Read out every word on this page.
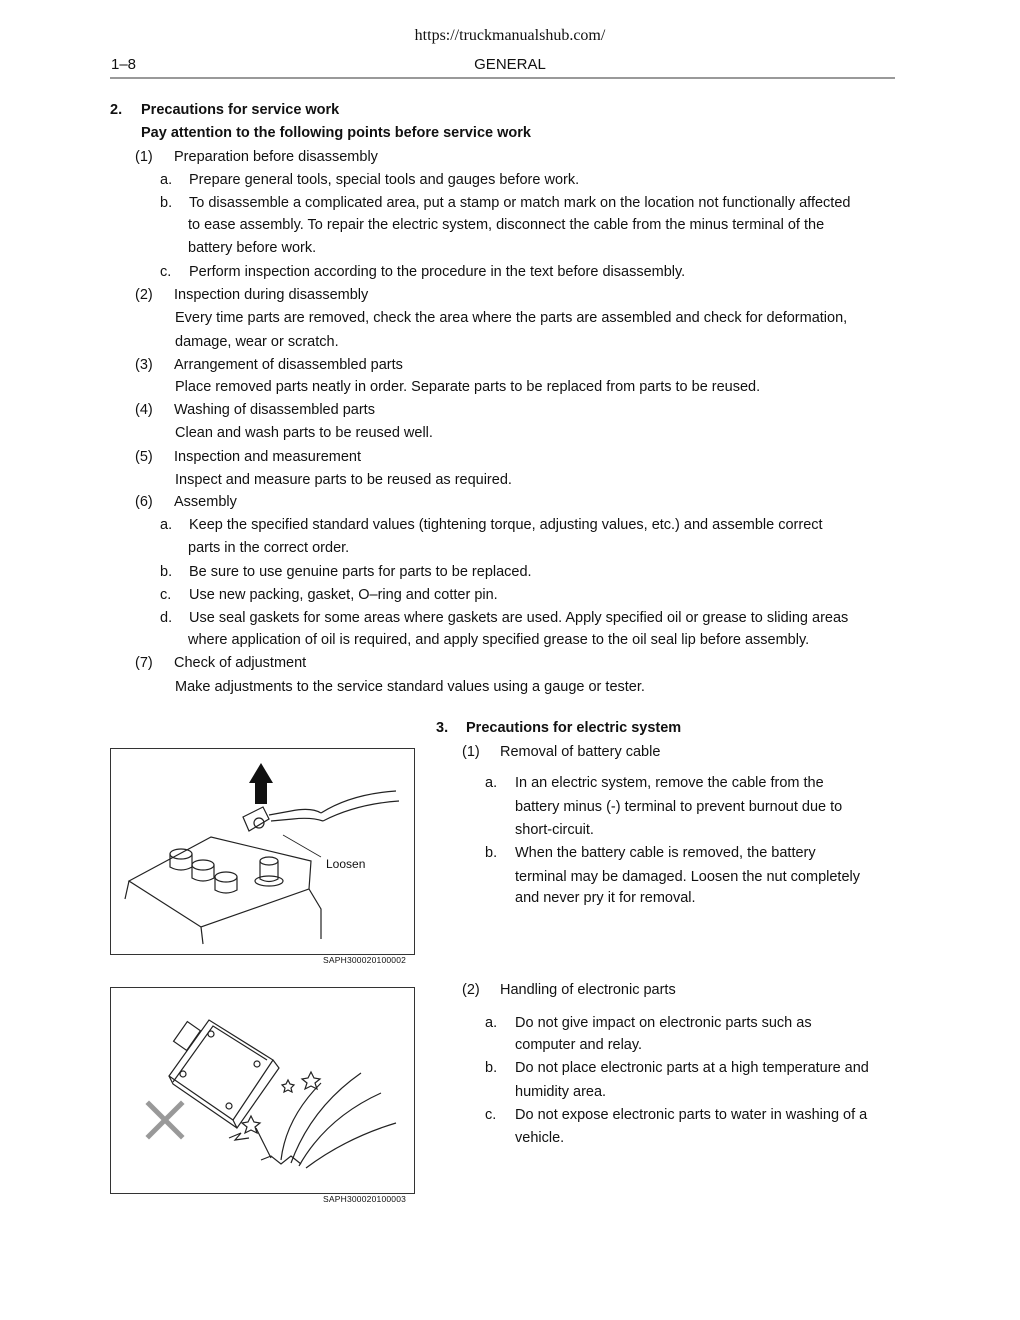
https://truckmanualshub.com/
1–8	GENERAL
2. Precautions for service work
Pay attention to the following points before service work
(1) Preparation before disassembly
a. Prepare general tools, special tools and gauges before work.
b. To disassemble a complicated area, put a stamp or match mark on the location not functionally affected
to ease assembly. To repair the electric system, disconnect the cable from the minus terminal of the
battery before work.
c. Perform inspection according to the procedure in the text before disassembly.
(2) Inspection during disassembly
Every time parts are removed, check the area where the parts are assembled and check for deformation,
damage, wear or scratch.
(3) Arrangement of disassembled parts
Place removed parts neatly in order. Separate parts to be replaced from parts to be reused.
(4) Washing of disassembled parts
Clean and wash parts to be reused well.
(5) Inspection and measurement
Inspect and measure parts to be reused as required.
(6) Assembly
a. Keep the specified standard values (tightening torque, adjusting values, etc.) and assemble correct
parts in the correct order.
b. Be sure to use genuine parts for parts to be replaced.
c. Use new packing, gasket, O–ring and cotter pin.
d. Use seal gaskets for some areas where gaskets are used. Apply specified oil or grease to sliding areas
where application of oil is required, and apply specified grease to the oil seal lip before assembly.
(7) Check of adjustment
Make adjustments to the service standard values using a gauge or tester.
3. Precautions for electric system
(1) Removal of battery cable
a. In an electric system, remove the cable from the
battery minus (-) terminal to prevent burnout due to
short-circuit.
b. When the battery cable is removed, the battery
terminal may be damaged. Loosen the nut completely
and never pry it for removal.
(2) Handling of electronic parts
a. Do not give impact on electronic parts such as
computer and relay.
b. Do not place electronic parts at a high temperature and
humidity area.
c. Do not expose electronic parts to water in washing of a
vehicle.
Loosen
SAPH300020100002
SAPH300020100003
